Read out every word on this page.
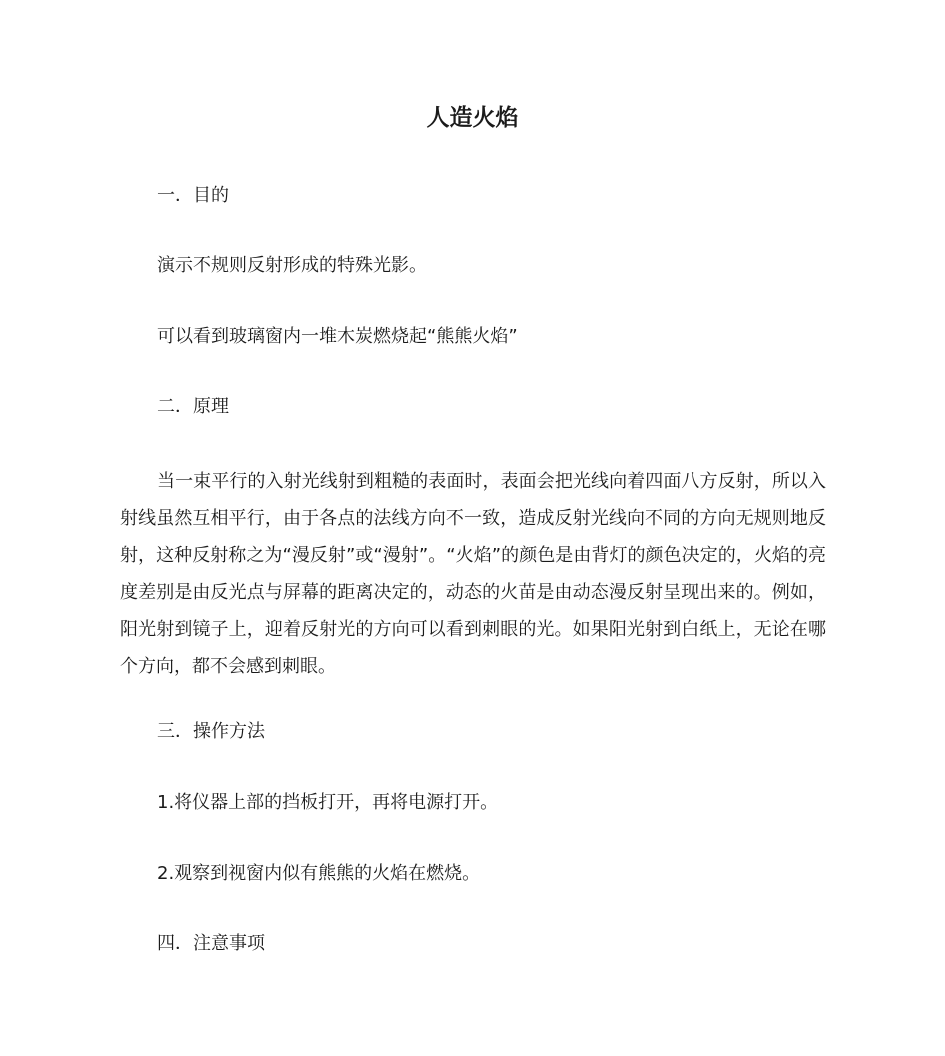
人造火焰

一．目的

演示不规则反射形成的特殊光影。

可以看到玻璃窗内一堆木炭燃烧起“熊熊火焰”

二．原理

当一束平行的入射光线射到粗糙的表面时，表面会把光线向着四面八方反射，所以入射线虽然互相平行，由于各点的法线方向不一致，造成反射光线向不同的方向无规则地反射，这种反射称之为“漫反射”或“漫射”。“火焰”的颜色是由背灯的颜色决定的，火焰的亮度差别是由反光点与屏幕的距离决定的，动态的火苗是由动态漫反射呈现出来的。例如，阳光射到镜子上，迎着反射光的方向可以看到刺眼的光。如果阳光射到白纸上，无论在哪个方向，都不会感到刺眼。

三．操作方法

1.将仪器上部的挡板打开，再将电源打开。

2.观察到视窗内似有熊熊的火焰在燃烧。

四．注意事项
